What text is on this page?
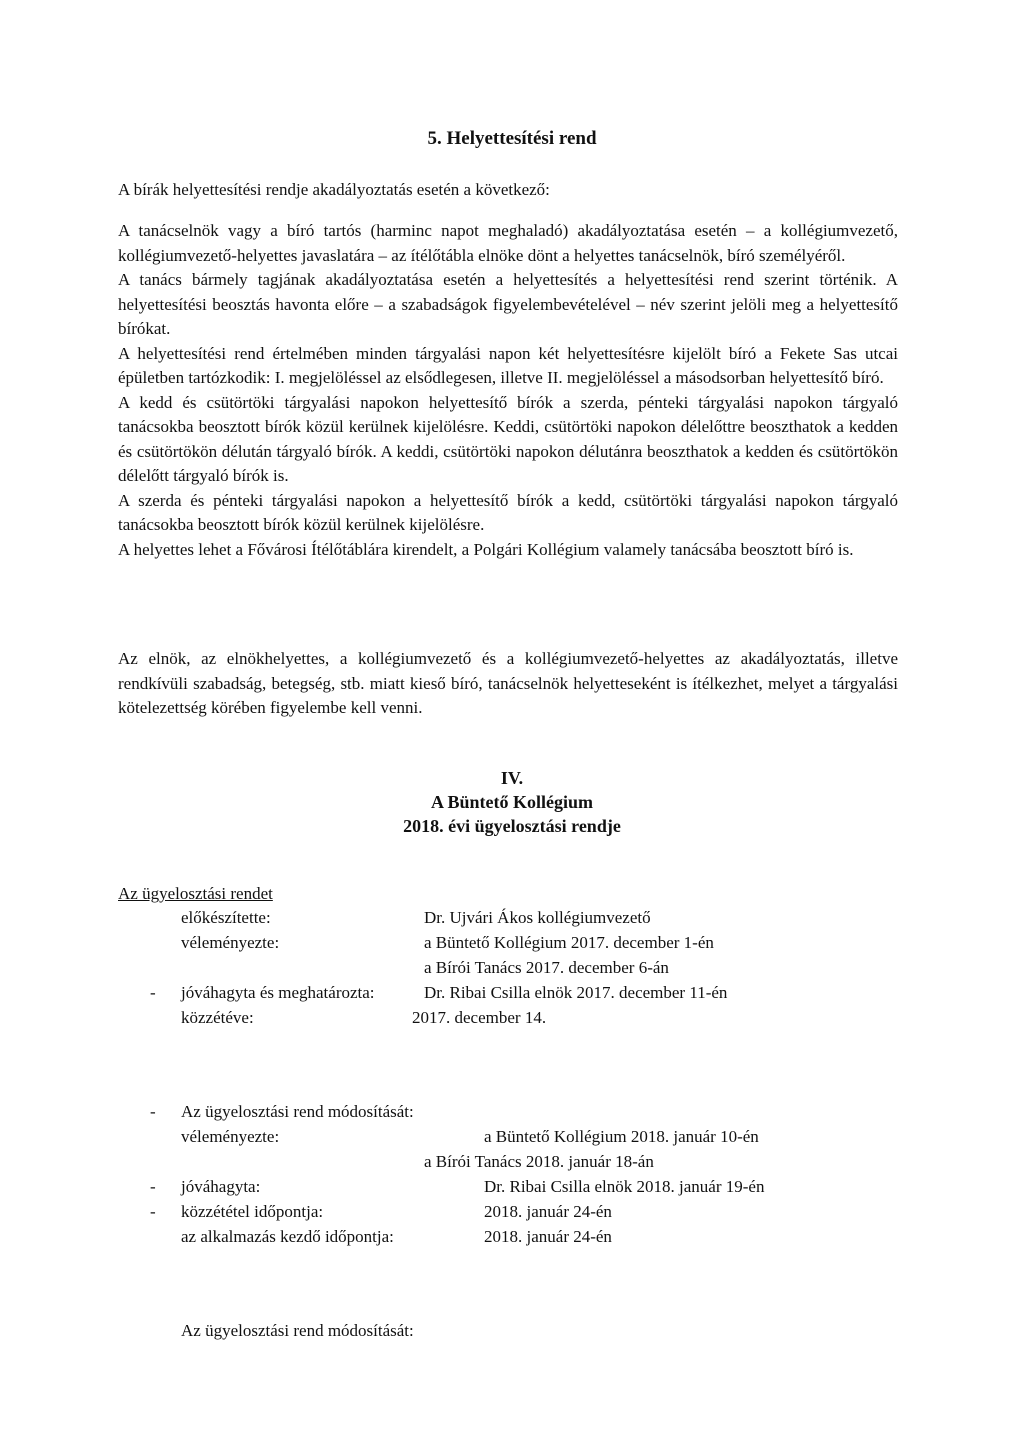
5. Helyettesítési rend
A bírák helyettesítési rendje akadályoztatás esetén a következő:

A tanácselnök vagy a bíró tartós (harminc napot meghaladó) akadályoztatása esetén – a kollégiumvezető, kollégiumvezető-helyettes javaslatára – az ítélőtábla elnöke dönt a helyettes tanácselnök, bíró személyéről.

A tanács bármely tagjának akadályoztatása esetén a helyettesítés a helyettesítési rend szerint történik. A helyettesítési beosztás havonta előre – a szabadságok figyelembevételével – név szerint jelöli meg a helyettesítő bírókat.

A helyettesítési rend értelmében minden tárgyalási napon két helyettesítésre kijelölt bíró a Fekete Sas utcai épületben tartózkodik: I. megjelöléssel az elsődlegesen, illetve II. megjelöléssel a másodsorban helyettesítő bíró.

A kedd és csütörtöki tárgyalási napokon helyettesítő bírók a szerda, pénteki tárgyalási napokon tárgyaló tanácsokba beosztott bírók közül kerülnek kijelölésre. Keddi, csütörtöki napokon délelőttre beoszthatok a kedden és csütörtökön délután tárgyaló bírók. A keddi, csütörtöki napokon délutánra beoszthatok a kedden és csütörtökön délelőtt tárgyaló bírók is.

A szerda és pénteki tárgyalási napokon a helyettesítő bírók a kedd, csütörtöki tárgyalási napokon tárgyaló tanácsokba beosztott bírók közül kerülnek kijelölésre.

A helyettes lehet a Fővárosi Ítélőtáblára kirendelt, a Polgári Kollégium valamely tanácsába beosztott bíró is.

Az elnök, az elnökhelyettes, a kollégiumvezető és a kollégiumvezető-helyettes az akadályoztatás, illetve rendkívüli szabadság, betegség, stb. miatt kieső bíró, tanácselnök helyetteseként is ítélkezhet, melyet a tárgyalási kötelezettség körében figyelembe kell venni.

IV.
A Büntető Kollégium
2018. évi ügyelosztási rendje
Az ügyelosztási rendet
előkészítette:	Dr. Ujvári Ákos kollégiumvezető
véleményezte:	a Büntető Kollégium 2017. december 1-én
a Bírói Tanács 2017. december 6-án
- jóváhagyta és meghatározta:	Dr. Ribai Csilla elnök 2017. december 11-én
közzétéve:	2017. december 14.
- Az ügyelosztási rend módosítását:
véleményezte:	a Büntető Kollégium 2018. január 10-én
a Bírói Tanács 2018. január 18-án
- jóváhagyta:	Dr. Ribai Csilla elnök 2018. január 19-én
- közzététel időpontja:	2018. január 24-én
az alkalmazás kezdő időpontja:	2018. január 24-én
Az ügyelosztási rend módosítását:
